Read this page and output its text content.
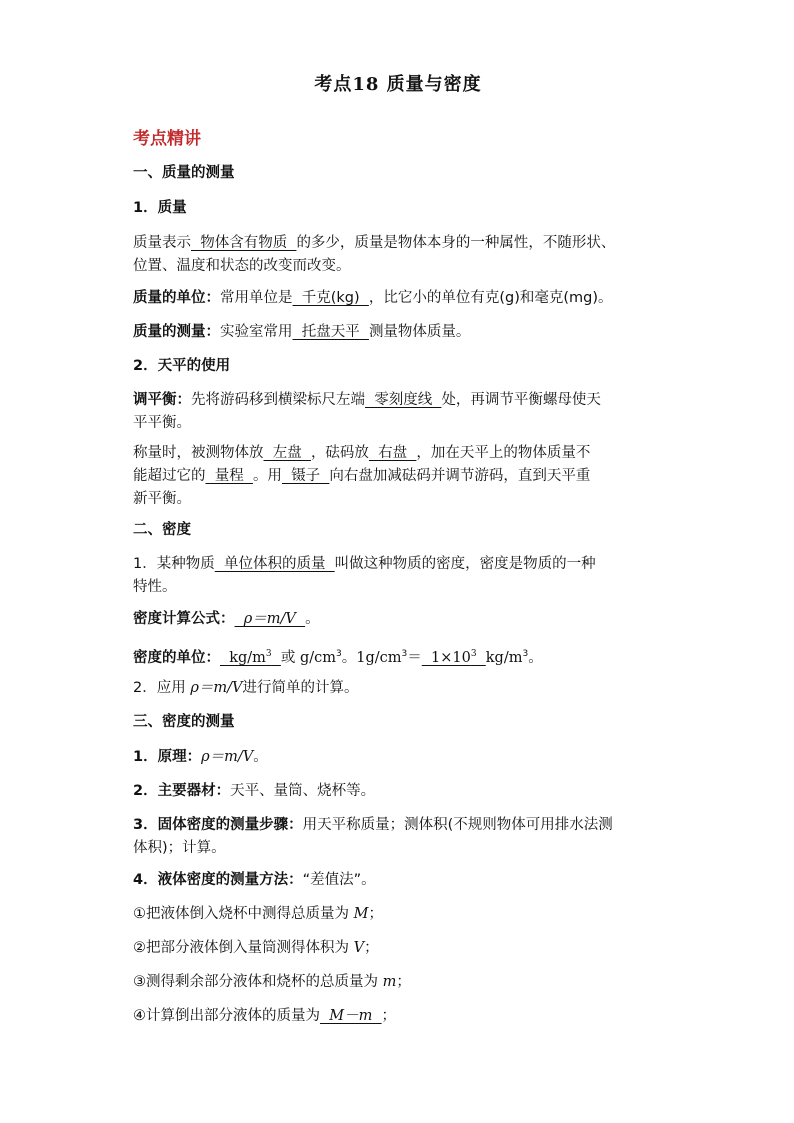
考点18 质量与密度
考点精讲
一、质量的测量
1．质量
质量表示  物体含有物质  的多少，质量是物体本身的一种属性，不随形状、
位置、温度和状态的改变而改变。
质量的单位：常用单位是  千克(kg)  ，比它小的单位有克(g)和毫克(mg)。
质量的测量：实验室常用  托盘天平  测量物体质量。
2．天平的使用
调平衡：先将游码移到横梁标尺左端  零刻度线  处，再调节平衡螺母使天
平平衡。
称量时，被测物体放  左盘  ，砝码放  右盘  ，加在天平上的物体质量不
能超过它的  量程  。用  镊子  向右盘加减砝码并调节游码，直到天平重
新平衡。
二、密度
1．某种物质  单位体积的质量  叫做这种物质的密度，密度是物质的一种
特性。
密度计算公式：  ρ＝m/V  。
密度的单位：  $kg/m^3$ 或 $g/cm^3$。$1g/cm^3= 1\times 10^3$ $kg/m^3$。
2．应用 ρ＝m/V进行简单的计算。
三、密度的测量
1．原理：ρ＝m/V。
2．主要器材：天平、量筒、烧杯等。
3．固体密度的测量步骤：用天平称质量；测体积(不规则物体可用排水法测
体积)；计算。
4．液体密度的测量方法：“差值法”。
①把液体倒入烧杯中测得总质量为 M；
②把部分液体倒入量筒测得体积为 V；
③测得剩余部分液体和烧杯的总质量为 m；
④计算倒出部分液体的质量为  M－m  ；
